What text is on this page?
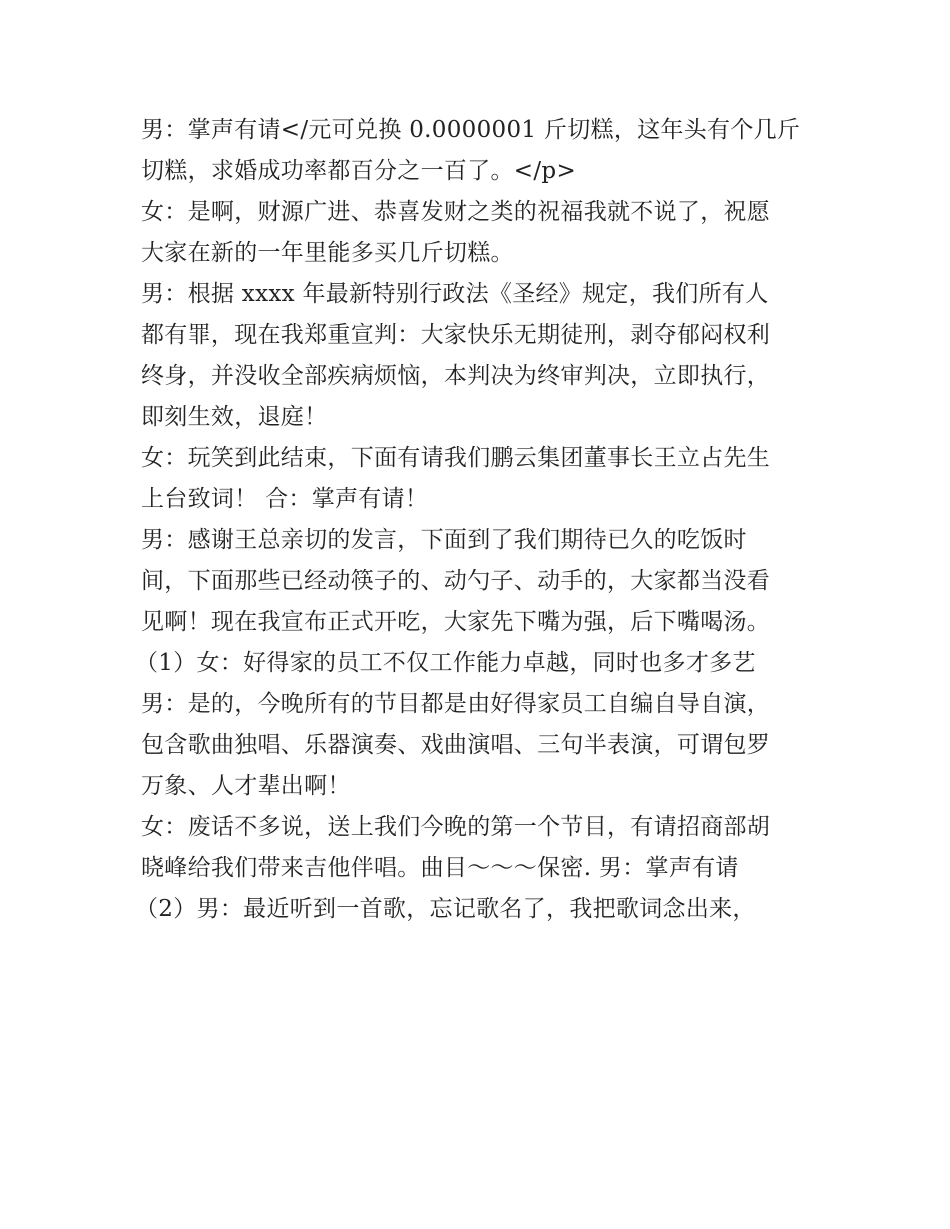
男：掌声有请</元可兑换 0.0000001 斤切糕，这年头有个几斤
切糕，求婚成功率都百分之一百了。</p>
女：是啊，财源广进、恭喜发财之类的祝福我就不说了，祝愿
大家在新的一年里能多买几斤切糕。
男：根据 xxxx 年最新特别行政法《圣经》规定，我们所有人
都有罪，现在我郑重宣判：大家快乐无期徒刑，剥夺郁闷权利
终身，并没收全部疾病烦恼，本判决为终审判决，立即执行，
即刻生效，退庭！
女：玩笑到此结束，下面有请我们鹏云集团董事长王立占先生
上台致词！ 合：掌声有请！
男：感谢王总亲切的发言，下面到了我们期待已久的吃饭时
间，下面那些已经动筷子的、动勺子、动手的，大家都当没看
见啊！现在我宣布正式开吃，大家先下嘴为强，后下嘴喝汤。
（1）女：好得家的员工不仅工作能力卓越，同时也多才多艺
男：是的，今晚所有的节目都是由好得家员工自编自导自演，
包含歌曲独唱、乐器演奏、戏曲演唱、三句半表演，可谓包罗
万象、人才辈出啊！
女：废话不多说，送上我们今晚的第一个节目，有请招商部胡
晓峰给我们带来吉他伴唱。曲目～～～保密. 男：掌声有请
（2）男：最近听到一首歌，忘记歌名了，我把歌词念出来，
